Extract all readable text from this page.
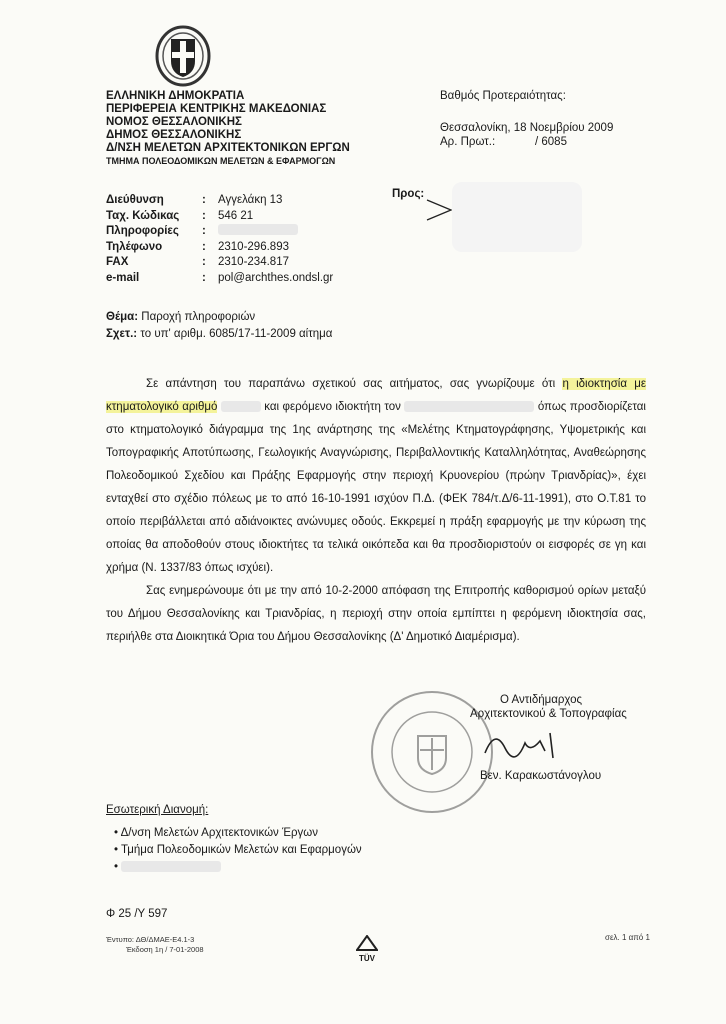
ΕΛΛΗΝΙΚΗ ΔΗΜΟΚΡΑΤΙΑ
ΠΕΡΙΦΕΡΕΙΑ ΚΕΝΤΡΙΚΗΣ ΜΑΚΕΔΟΝΙΑΣ
ΝΟΜΟΣ ΘΕΣΣΑΛΟΝΙΚΗΣ
ΔΗΜΟΣ ΘΕΣΣΑΛΟΝΙΚΗΣ
Δ/ΝΣΗ ΜΕΛΕΤΩΝ ΑΡΧΙΤΕΚΤΟΝΙΚΩΝ ΕΡΓΩΝ
ΤΜΗΜΑ ΠΟΛΕΟΔΟΜΙΚΩΝ ΜΕΛΕΤΩΝ & ΕΦΑΡΜΟΓΩΝ
Διεύθυνση	:	Αγγελάκη 13
Ταχ. Κώδικας	:	546 21
Πληροφορίες	:
Τηλέφωνο	:	2310-296.893
FAX	:	2310-234.817
e-mail	:	pol@archthes.ondsl.gr
Βαθμός Προτεραιότητας:
Θεσσαλονίκη, 18 Νοεμβρίου 2009
Αρ. Πρωτ.:	/ 6085
Προς:
Θέμα: Παροχή πληροφοριών
Σχετ.: το υπ' αριθμ. 6085/17-11-2009 αίτημα

Σε απάντηση του παραπάνω σχετικού σας αιτήματος, σας γνωρίζουμε ότι η ιδιοκτησία με κτηματολογικό αριθμό	και φερόμενο ιδιοκτήτη τον	όπως προσδιορίζεται στο κτηματολογικό διάγραμμα της 1ης ανάρτησης της «Μελέτης Κτηματογράφησης, Υψομετρικής και Τοπογραφικής Αποτύπωσης, Γεωλογικής Αναγνώρισης, Περιβαλλοντικής Καταλληλότητας, Αναθεώρησης Πολεοδομικού Σχεδίου και Πράξης Εφαρμογής στην περιοχή Κρυονερίου (πρώην Τριανδρίας)», έχει ενταχθεί στο σχέδιο πόλεως με το από 16-10-1991 ισχύον Π.Δ. (ΦΕΚ 784/τ.Δ/6-11-1991), στο Ο.Τ.81 το οποίο περιβάλλεται από αδιάνοικτες ανώνυμες οδούς. Εκκρεμεί η πράξη εφαρμογής με την κύρωση της οποίας θα αποδοθούν στους ιδιοκτήτες τα τελικά οικόπεδα και θα προσδιοριστούν οι εισφορές σε γη και χρήμα (Ν. 1337/83 όπως ισχύει).

Σας ενημερώνουμε ότι με την από 10-2-2000 απόφαση της Επιτροπής καθορισμού ορίων μεταξύ του Δήμου Θεσσαλονίκης και Τριανδρίας, η περιοχή στην οποία εμπίπτει η φερόμενη ιδιοκτησία σας, περιήλθε στα Διοικητικά Όρια του Δήμου Θεσσαλονίκης (Δ' Δημοτικό Διαμέρισμα).

Ο Αντιδήμαρχος
Αρχιτεκτονικού & Τοπογραφίας
Βεν. Καρακωστάνογλου
Εσωτερική Διανομή:
• Δ/νση Μελετών Αρχιτεκτονικών Έργων
• Τμήμα Πολεοδομικών Μελετών και Εφαρμογών
•
Φ 25 /Υ 597
Έντυπο: ΔΘ/ΔΜΑΕ-Ε4.1-3
Έκδοση 1η / 7-01-2008
TÜV
σελ. 1 από 1
